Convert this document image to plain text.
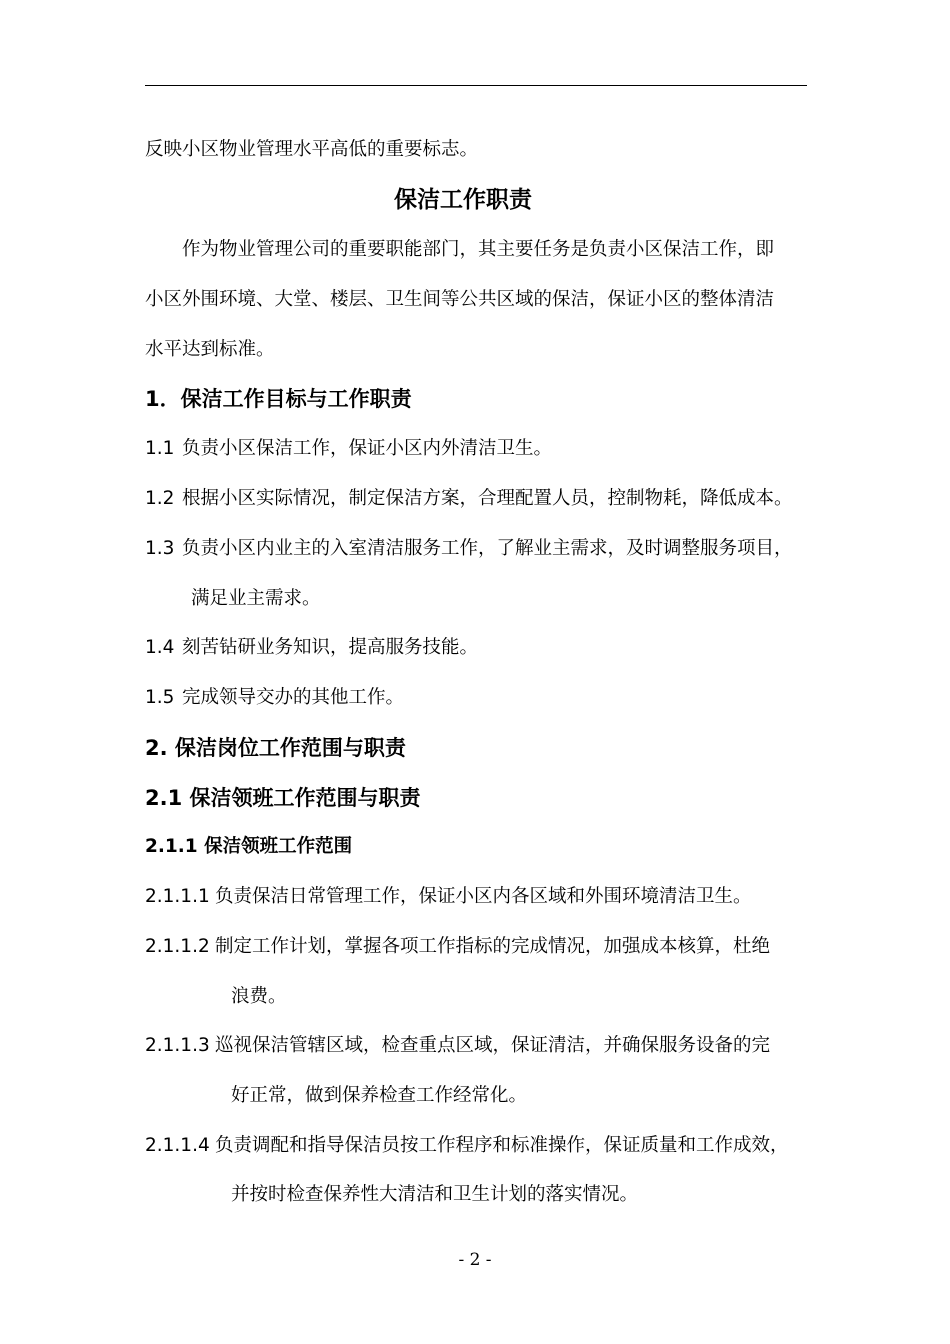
反映小区物业管理水平高低的重要标志。
保洁工作职责
作为物业管理公司的重要职能部门，其主要任务是负责小区保洁工作，即
小区外围环境、大堂、楼层、卫生间等公共区域的保洁，保证小区的整体清洁
水平达到标准。
1．保洁工作目标与工作职责
1.1 负责小区保洁工作，保证小区内外清洁卫生。
1.2 根据小区实际情况，制定保洁方案，合理配置人员，控制物耗，降低成本。
1.3 负责小区内业主的入室清洁服务工作，了解业主需求，及时调整服务项目，
满足业主需求。
1.4 刻苦钻研业务知识，提高服务技能。
1.5 完成领导交办的其他工作。
2. 保洁岗位工作范围与职责
2.1 保洁领班工作范围与职责
2.1.1 保洁领班工作范围
2.1.1.1 负责保洁日常管理工作，保证小区内各区域和外围环境清洁卫生。
2.1.1.2 制定工作计划，掌握各项工作指标的完成情况，加强成本核算，杜绝
浪费。
2.1.1.3 巡视保洁管辖区域，检查重点区域，保证清洁，并确保服务设备的完
好正常，做到保养检查工作经常化。
2.1.1.4 负责调配和指导保洁员按工作程序和标准操作，保证质量和工作成效，
并按时检查保养性大清洁和卫生计划的落实情况。
- 2 -
